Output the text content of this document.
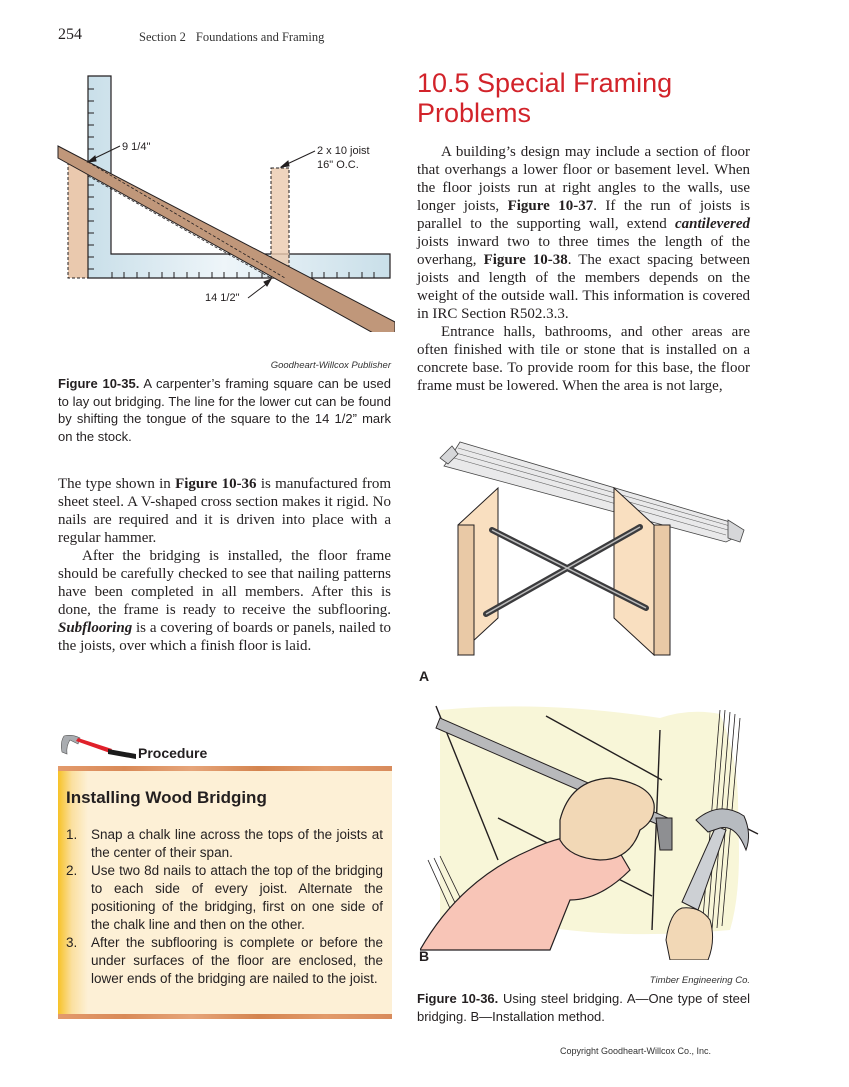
254	Section 2 Foundations and Framing
9 1/4"	2 x 10 joist
16" O.C.
14 1/2"
Goodheart-Willcox Publisher
Figure 10-35. A carpenter’s framing square can be used to lay out bridging. The line for the lower cut can be found by shifting the tongue of the square to the 14 1/2” mark on the stock.

The type shown in Figure 10-36 is manufactured from sheet steel. A V-shaped cross section makes it rigid. No nails are required and it is driven into place with a regular hammer.

After the bridging is installed, the floor frame should be carefully checked to see that nailing patterns have been completed in all members. After this is done, the frame is ready to receive the subflooring. Subflooring is a covering of boards or panels, nailed to the joists, over which a finish floor is laid.

Procedure
Installing Wood Bridging
1. Snap a chalk line across the tops of the joists at the center of their span.
2. Use two 8d nails to attach the top of the bridging to each side of every joist. Alternate the positioning of the bridging, first on one side of the chalk line and then on the other.
3. After the subflooring is complete or before the under surfaces of the floor are enclosed, the lower ends of the bridging are nailed to the joist.
10.5 Special Framing Problems

A building’s design may include a section of floor that overhangs a lower floor or basement level. When the floor joists run at right angles to the walls, use longer joists, Figure 10-37. If the run of joists is parallel to the supporting wall, extend cantilevered joists inward two to three times the length of the overhang, Figure 10-38. The exact spacing between joists and length of the members depends on the weight of the outside wall. This information is covered in IRC Section R502.3.3.

Entrance halls, bathrooms, and other areas are often finished with tile or stone that is installed on a concrete base. To provide room for this base, the floor frame must be lowered. When the area is not large,

A
B
Timber Engineering Co.
Figure 10-36. Using steel bridging. A—One type of steel bridging. B—Installation method.
Copyright Goodheart-Willcox Co., Inc.
